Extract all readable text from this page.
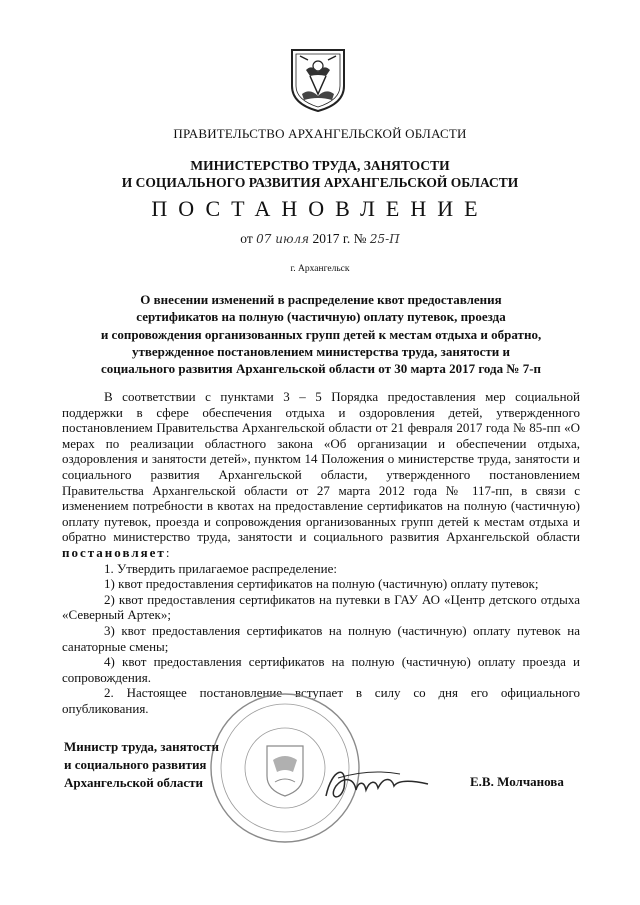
ПРАВИТЕЛЬСТВО АРХАНГЕЛЬСКОЙ ОБЛАСТИ
МИНИСТЕРСТВО ТРУДА, ЗАНЯТОСТИ
И СОЦИАЛЬНОГО РАЗВИТИЯ АРХАНГЕЛЬСКОЙ ОБЛАСТИ
ПОСТАНОВЛЕНИЕ
от 07 июля 2017 г. № 25-П
г. Архангельск
О внесении изменений в распределение квот предоставления
сертификатов на полную (частичную) оплату путевок, проезда
и сопровождения организованных групп детей к местам отдыха и обратно,
утвержденное постановлением министерства труда, занятости и
социального развития Архангельской области от 30 марта 2017 года № 7-п

В соответствии с пунктами 3 – 5 Порядка предоставления мер социальной поддержки в сфере обеспечения отдыха и оздоровления детей, утвержденного постановлением Правительства Архангельской области от 21 февраля 2017 года № 85-пп «О мерах по реализации областного закона «Об организации и обеспечении отдыха, оздоровления и занятости детей», пунктом 14 Положения о министерстве труда, занятости и социального развития Архангельской области, утвержденного постановлением Правительства Архангельской области от 27 марта 2012 года № 117-пп, в связи с изменением потребности в квотах на предоставление сертификатов на полную (частичную) оплату путевок, проезда и сопровождения организованных групп детей к местам отдыха и обратно министерство труда, занятости и социального развития Архангельской области постановляет:

1. Утвердить прилагаемое распределение:

1) квот предоставления сертификатов на полную (частичную) оплату путевок;

2) квот предоставления сертификатов на путевки в ГАУ АО «Центр детского отдыха «Северный Артек»;

3) квот предоставления сертификатов на полную (частичную) оплату путевок на санаторные смены;

4) квот предоставления сертификатов на полную (частичную) оплату проезда и сопровождения.

2. Настоящее постановление вступает в силу со дня его официального опубликования.

Министр труда, занятости
и социального развития
Архангельской области	Е.В. Молчанова
